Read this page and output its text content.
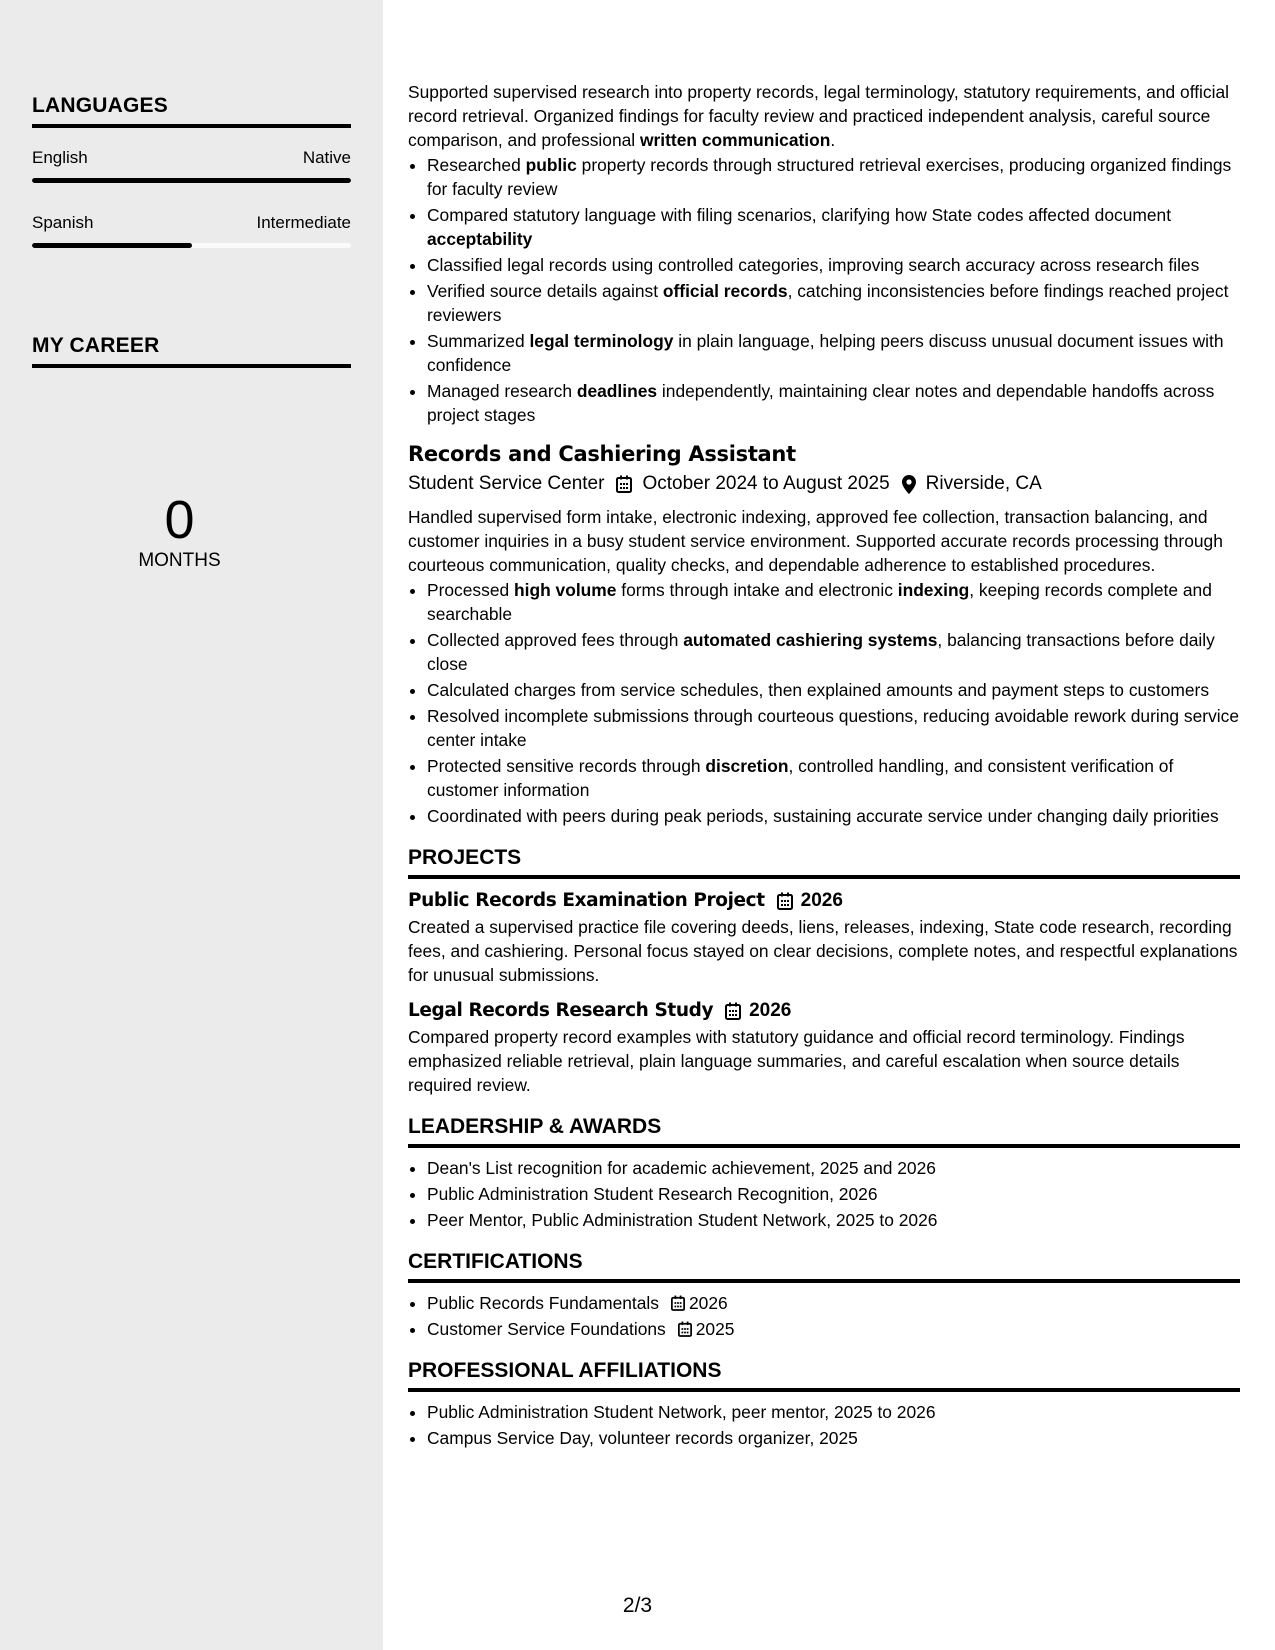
LANGUAGES
English	Native
Spanish	Intermediate
MY CAREER
0
MONTHS

Supported supervised research into property records, legal terminology, statutory requirements, and official record retrieval. Organized findings for faculty review and practiced independent analysis, careful source comparison, and professional written communication.

• Researched public property records through structured retrieval exercises, producing organized findings for faculty review
• Compared statutory language with filing scenarios, clarifying how State codes affected document acceptability
• Classified legal records using controlled categories, improving search accuracy across research files
• Verified source details against official records, catching inconsistencies before findings reached project reviewers
• Summarized legal terminology in plain language, helping peers discuss unusual document issues with confidence
• Managed research deadlines independently, maintaining clear notes and dependable handoffs across project stages
Records and Cashiering Assistant
Student Service Center October 2024 to August 2025 Riverside, CA

Handled supervised form intake, electronic indexing, approved fee collection, transaction balancing, and customer inquiries in a busy student service environment. Supported accurate records processing through courteous communication, quality checks, and dependable adherence to established procedures.

• Processed high volume forms through intake and electronic indexing, keeping records complete and searchable
• Collected approved fees through automated cashiering systems, balancing transactions before daily close
• Calculated charges from service schedules, then explained amounts and payment steps to customers
• Resolved incomplete submissions through courteous questions, reducing avoidable rework during service center intake
• Protected sensitive records through discretion, controlled handling, and consistent verification of customer information
• Coordinated with peers during peak periods, sustaining accurate service under changing daily priorities
PROJECTS
Public Records Examination Project 2026

Created a supervised practice file covering deeds, liens, releases, indexing, State code research, recording fees, and cashiering. Personal focus stayed on clear decisions, complete notes, and respectful explanations for unusual submissions.

Legal Records Research Study 2026

Compared property record examples with statutory guidance and official record terminology. Findings emphasized reliable retrieval, plain language summaries, and careful escalation when source details required review.

LEADERSHIP & AWARDS
• Dean's List recognition for academic achievement, 2025 and 2026
• Public Administration Student Research Recognition, 2026
• Peer Mentor, Public Administration Student Network, 2025 to 2026
CERTIFICATIONS
• Public Records Fundamentals 2026
• Customer Service Foundations 2025
PROFESSIONAL AFFILIATIONS
• Public Administration Student Network, peer mentor, 2025 to 2026
• Campus Service Day, volunteer records organizer, 2025
2/3
